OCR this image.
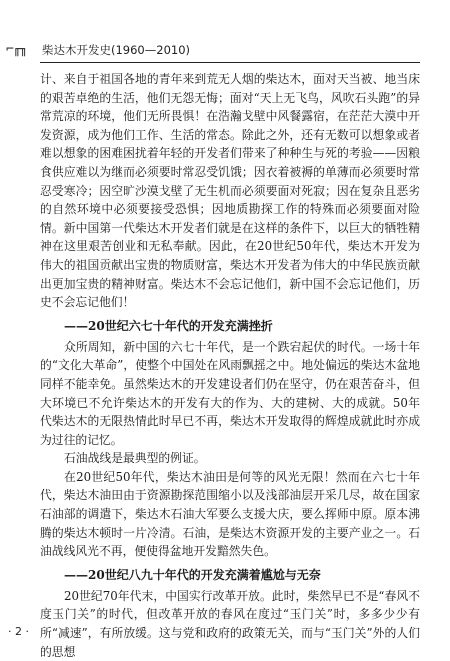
⌐╓╖	柴达木开发史(1960—2010)

计、来自于祖国各地的青年来到荒无人烟的柴达木，面对天当被、地当床的艰苦卓绝的生活，他们无怨无悔；面对“天上无飞鸟，风吹石头跑”的异常荒凉的环境，他们无所畏惧！在浩瀚戈壁中风餐露宿，在茫茫大漠中开发资源，成为他们工作、生活的常态。除此之外，还有无数可以想象或者难以想象的困难困扰着年轻的开发者们带来了种种生与死的考验——因粮食供应难以为继而必须要时常忍受饥饿；因衣着被褥的单薄而必须要时常忍受寒冷；因空旷沙漠戈壁了无生机而必须要面对死寂；因在复杂且恶劣的自然环境中必须要接受恐惧；因地质勘探工作的特殊而必须要面对险情。新中国第一代柴达木开发者们就是在这样的条件下，以巨大的牺牲精神在这里艰苦创业和无私奉献。因此，在20世纪50年代，柴达木开发为伟大的祖国贡献出宝贵的物质财富，柴达木开发者为伟大的中华民族贡献出更加宝贵的精神财富。柴达木不会忘记他们，新中国不会忘记他们，历史不会忘记他们！

——20世纪六七十年代的开发充满挫折

众所周知，新中国的六七十年代，是一个跌宕起伏的时代。一场十年的“文化大革命”，使整个中国处在风雨飘摇之中。地处偏远的柴达木盆地同样不能幸免。虽然柴达木的开发建设者们仍在坚守，仍在艰苦奋斗，但大环境已不允许柴达木的开发有大的作为、大的建树、大的成就。50年代柴达木的无限热情此时早已不再，柴达木开发取得的辉煌成就此时亦成为过往的记忆。

石油战线是最典型的例证。

在20世纪50年代，柴达木油田是何等的风光无限！然而在六七十年代，柴达木油田由于资源勘探范围缩小以及浅部油层开采几尽，故在国家石油部的调遣下，柴达木石油大军要么支援大庆，要么挥师中原。原本沸腾的柴达木顿时一片冷清。石油，是柴达木资源开发的主要产业之一。石油战线风光不再，便使得盆地开发黯然失色。

——20世纪八九十年代的开发充满着尴尬与无奈

20世纪70年代末，中国实行改革开放。此时，柴然早已不是“春风不度玉门关”的时代，但改革开放的春风在度过“玉门关”时，多多少少有所“减速”，有所放缓。这与党和政府的政策无关，而与“玉门关”外的人们的思想

· 2 ·
